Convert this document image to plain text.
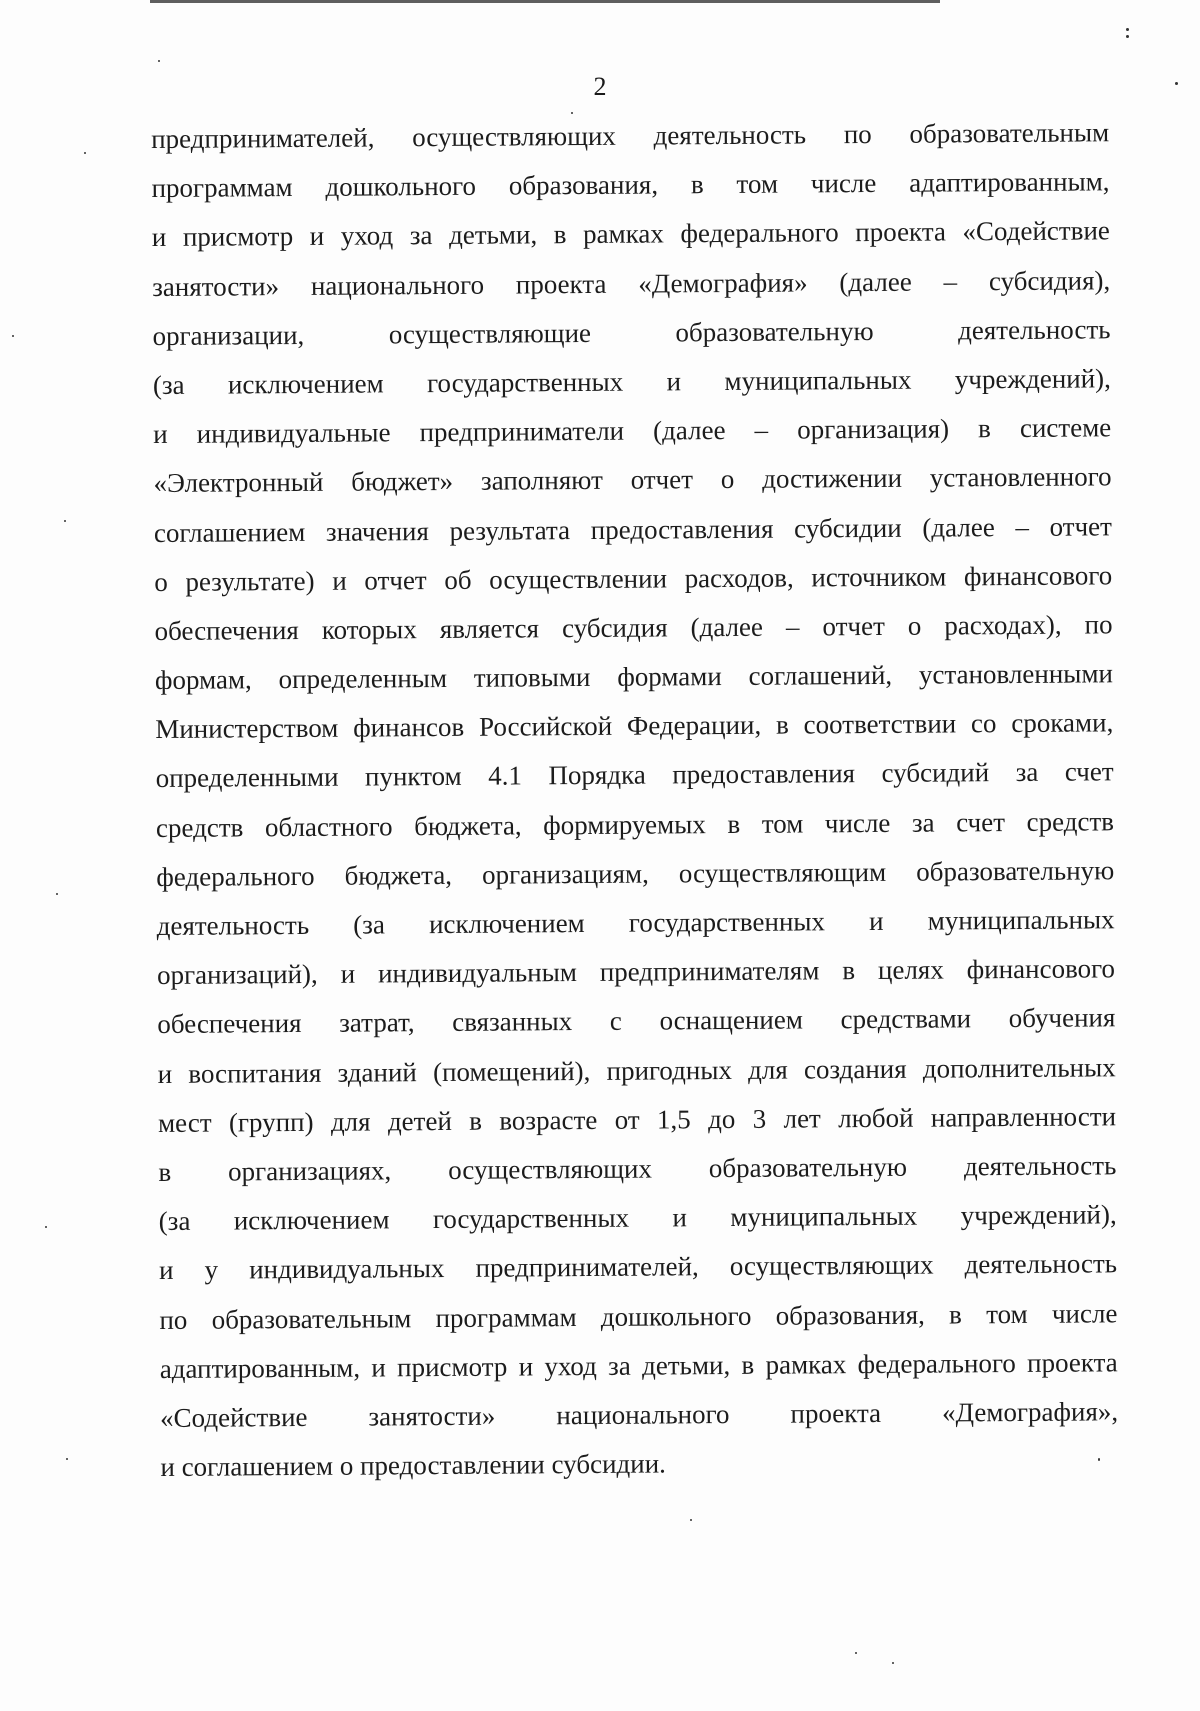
2
предпринимателей, осуществляющих деятельность по образовательным
программам дошкольного образования, в том числе адаптированным,
и присмотр и уход за детьми, в рамках федерального проекта «Содействие
занятости» национального проекта «Демография» (далее – субсидия),
организации, осуществляющие образовательную деятельность
(за исключением государственных и муниципальных учреждений),
и индивидуальные предприниматели (далее – организация) в системе
«Электронный бюджет» заполняют отчет о достижении установленного
соглашением значения результата предоставления субсидии (далее – отчет
о результате) и отчет об осуществлении расходов, источником финансового
обеспечения которых является субсидия (далее – отчет о расходах), по
формам, определенным типовыми формами соглашений, установленными
Министерством финансов Российской Федерации, в соответствии со сроками,
определенными пунктом 4.1 Порядка предоставления субсидий за счет
средств областного бюджета, формируемых в том числе за счет средств
федерального бюджета, организациям, осуществляющим образовательную
деятельность (за исключением государственных и муниципальных
организаций), и индивидуальным предпринимателям в целях финансового
обеспечения затрат, связанных с оснащением средствами обучения
и воспитания зданий (помещений), пригодных для создания дополнительных
мест (групп) для детей в возрасте от 1,5 до 3 лет любой направленности
в организациях, осуществляющих образовательную деятельность
(за исключением государственных и муниципальных учреждений),
и у индивидуальных предпринимателей, осуществляющих деятельность
по образовательным программам дошкольного образования, в том числе
адаптированным, и присмотр и уход за детьми, в рамках федерального проекта
«Содействие занятости» национального проекта «Демография»,
и соглашением о предоставлении субсидии.
